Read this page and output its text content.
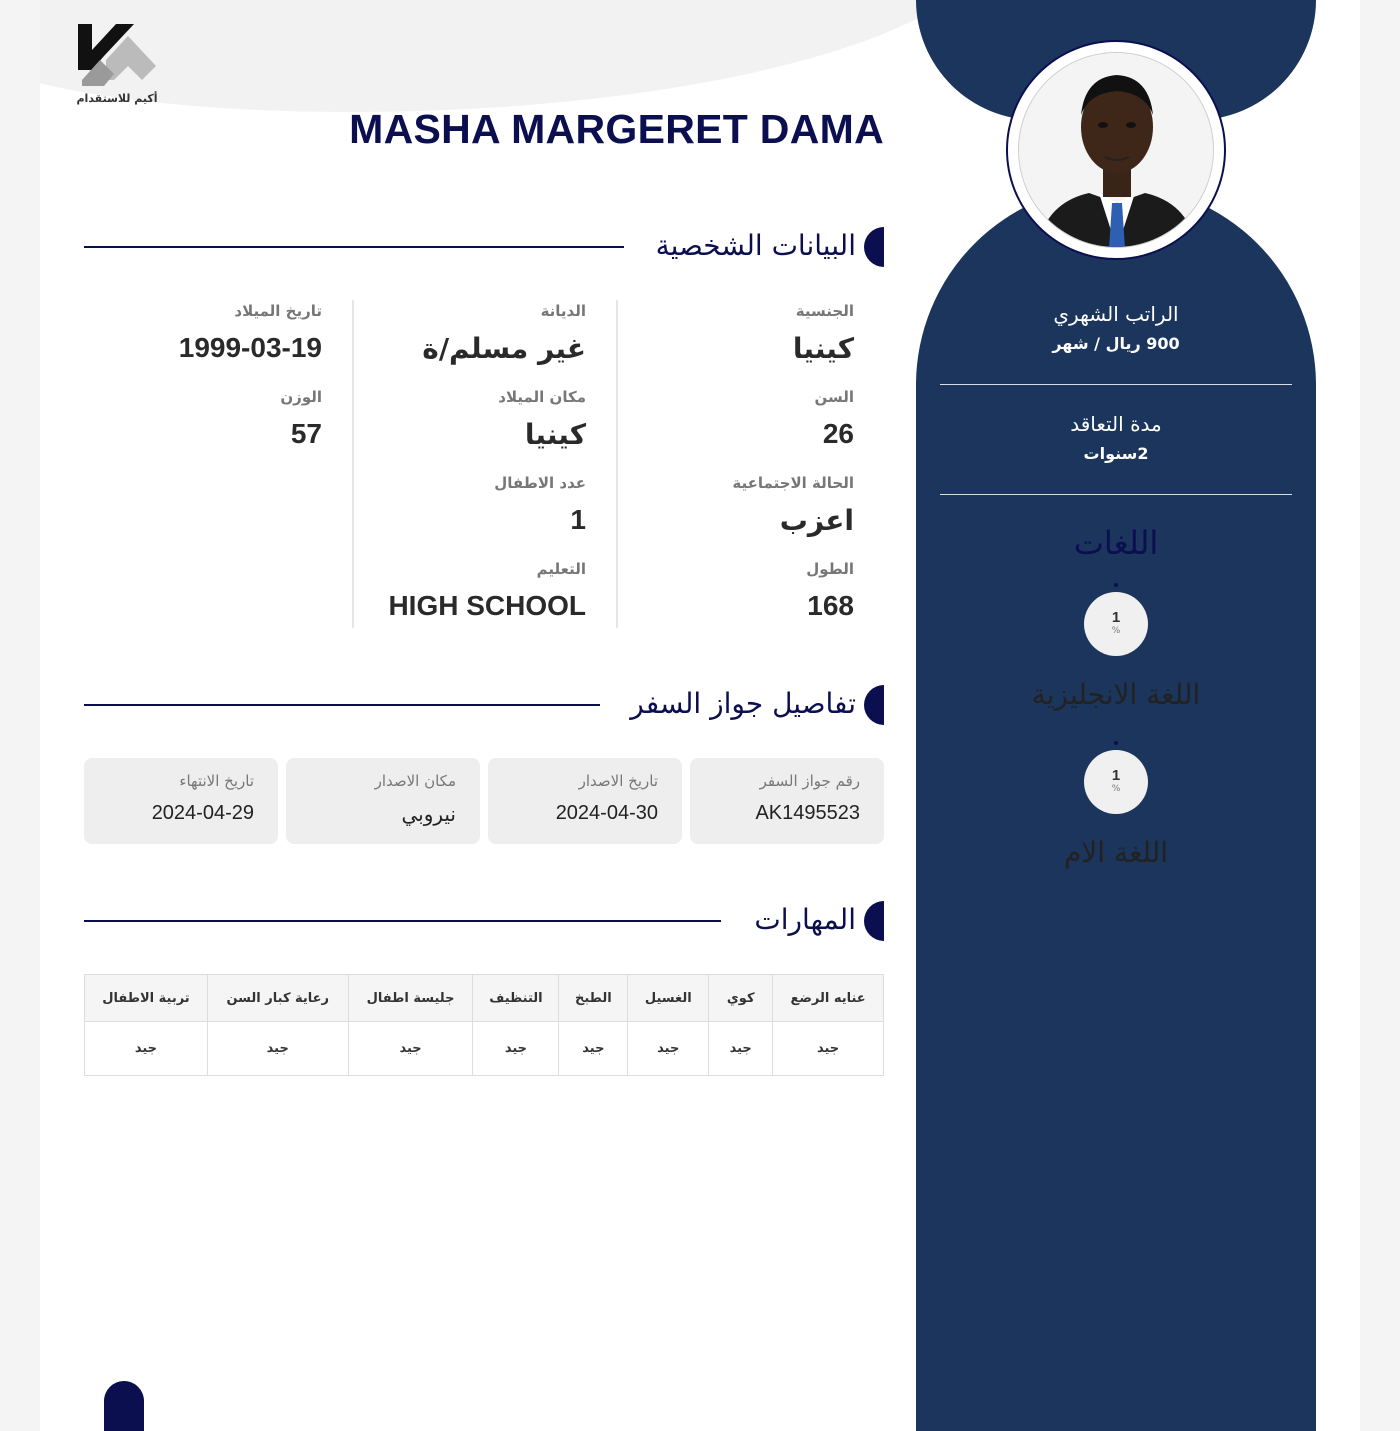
أكيم للاستقدام
MASHA MARGERET DAMA
البيانات الشخصية
الجنسية
كينيا
السن
26
الحالة الاجتماعية
اعزب
الطول
168
الديانة
غير مسلم/ة
مكان الميلاد
كينيا
عدد الاطفال
1
التعليم
HIGH SCHOOL
تاريخ الميلاد
1999-03-19
الوزن
57
تفاصيل جواز السفر
رقم جواز السفر
AK1495523
تاريخ الاصدار
2024-04-30
مكان الاصدار
نيروبي
تاريخ الانتهاء
2024-04-29
المهارات
عنايه الرضع	كوي	الغسيل	الطبخ	التنظيف	جليسة اطفال	رعاية كبار السن	تربية الاطفال
جيد	جيد	جيد	جيد	جيد	جيد	جيد	جيد
الراتب الشهري
900 ريال / شهر
مدة التعاقد
2سنوات
اللغات
1
%
اللغة الانجليزية
1
%
اللغة الام
